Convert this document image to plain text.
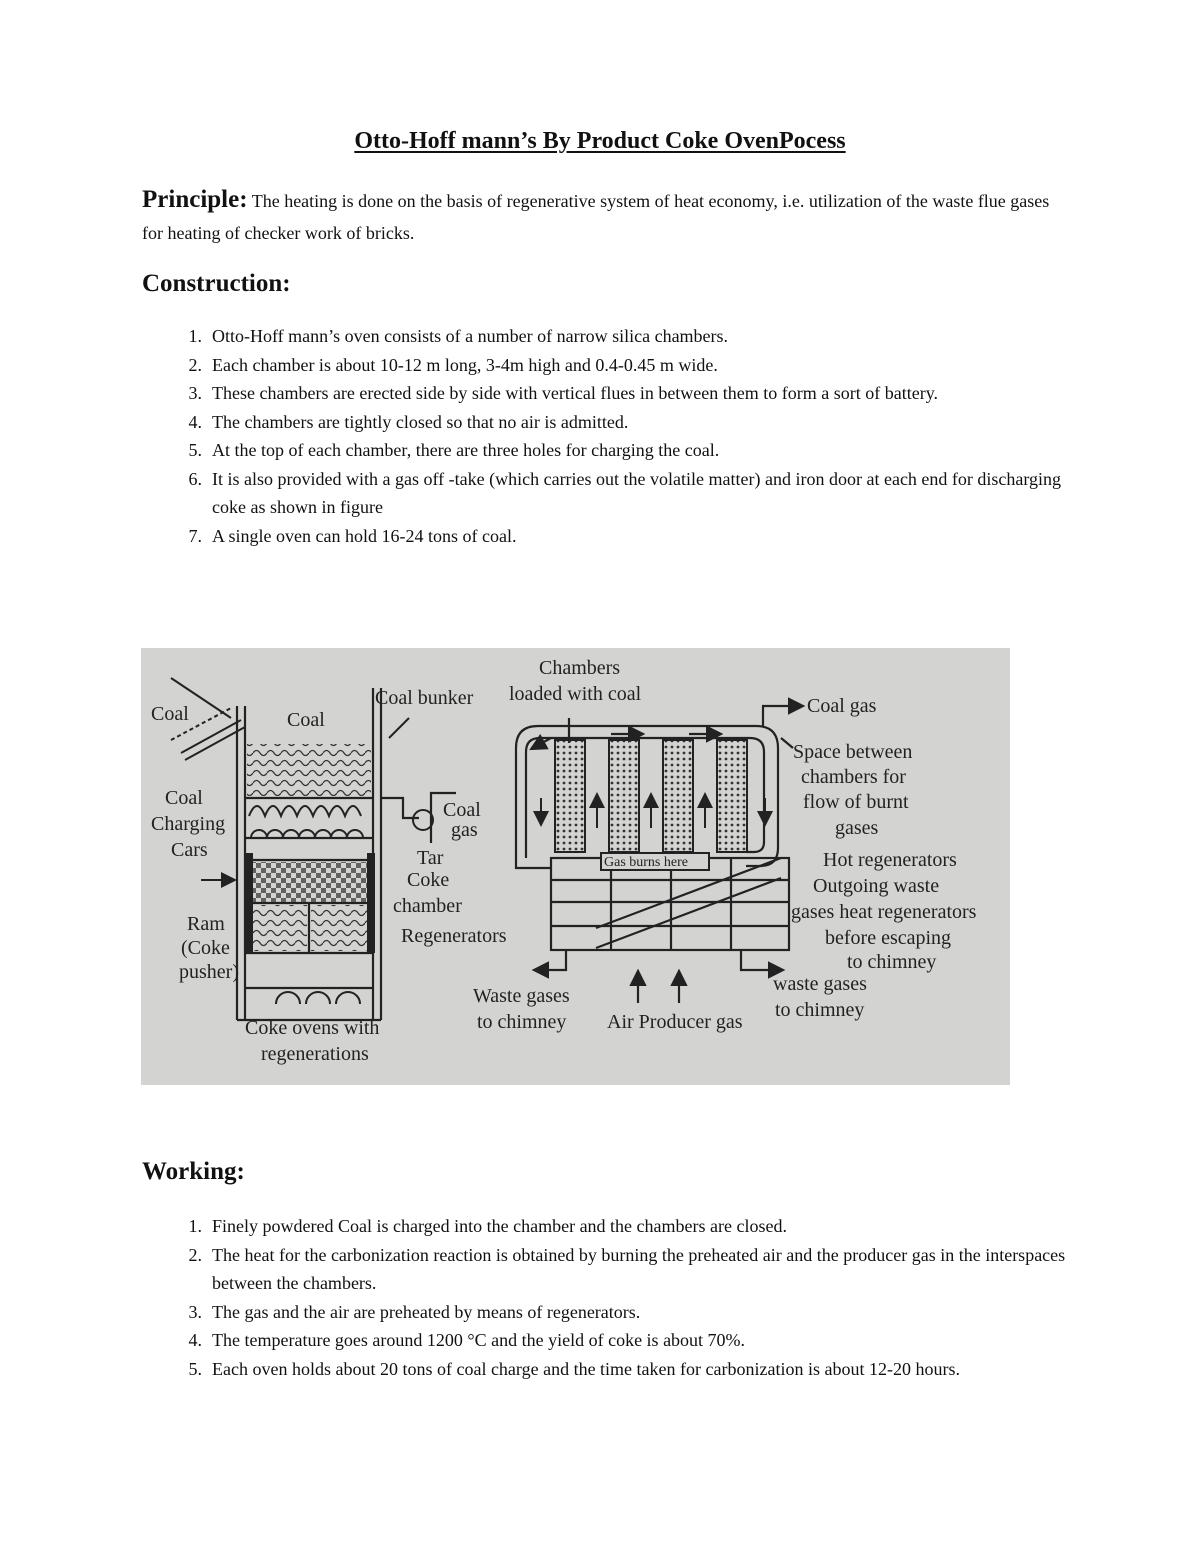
Otto-Hoff mann’s By Product Coke OvenPocess
Principle: The heating is done on the basis of regenerative system of heat economy, i.e. utilization of the waste flue gases for heating of checker work of bricks.
Construction:
1. Otto-Hoff mann’s oven consists of a number of narrow silica chambers.
2. Each chamber is about 10-12 m long, 3-4m high and 0.4-0.45 m wide.
3. These chambers are erected side by side with vertical flues in between them to form a sort of battery.
4. The chambers are tightly closed so that no air is admitted.
5. At the top of each chamber, there are three holes for charging the coal.
6. It is also provided with a gas off -take (which carries out the volatile matter) and iron door at each end for discharging coke as shown in figure
7. A single oven can hold 16-24 tons of coal.
Coal	Coal
Coal bunker
Chambers
loaded with coal
Coal gas
Space between
chambers for
flow of burnt
gases
Coal
Charging
Cars
Coal
gas
Tar
Coke
chamber
Gas burns here	Hot regenerators
Outgoing waste
gases heat regenerators
before escaping
to chimney
Ram
(Coke
pusher)
Regenerators
Waste gases
to chimney Air Producer gas
waste gases
to chimney
Coke ovens with
regenerations
Working:
1. Finely powdered Coal is charged into the chamber and the chambers are closed.
2. The heat for the carbonization reaction is obtained by burning the preheated air and the producer gas in the interspaces between the chambers.
3. The gas and the air are preheated by means of regenerators.
4. The temperature goes around 1200 °C and the yield of coke is about 70%.
5. Each oven holds about 20 tons of coal charge and the time taken for carbonization is about 12-20 hours.
